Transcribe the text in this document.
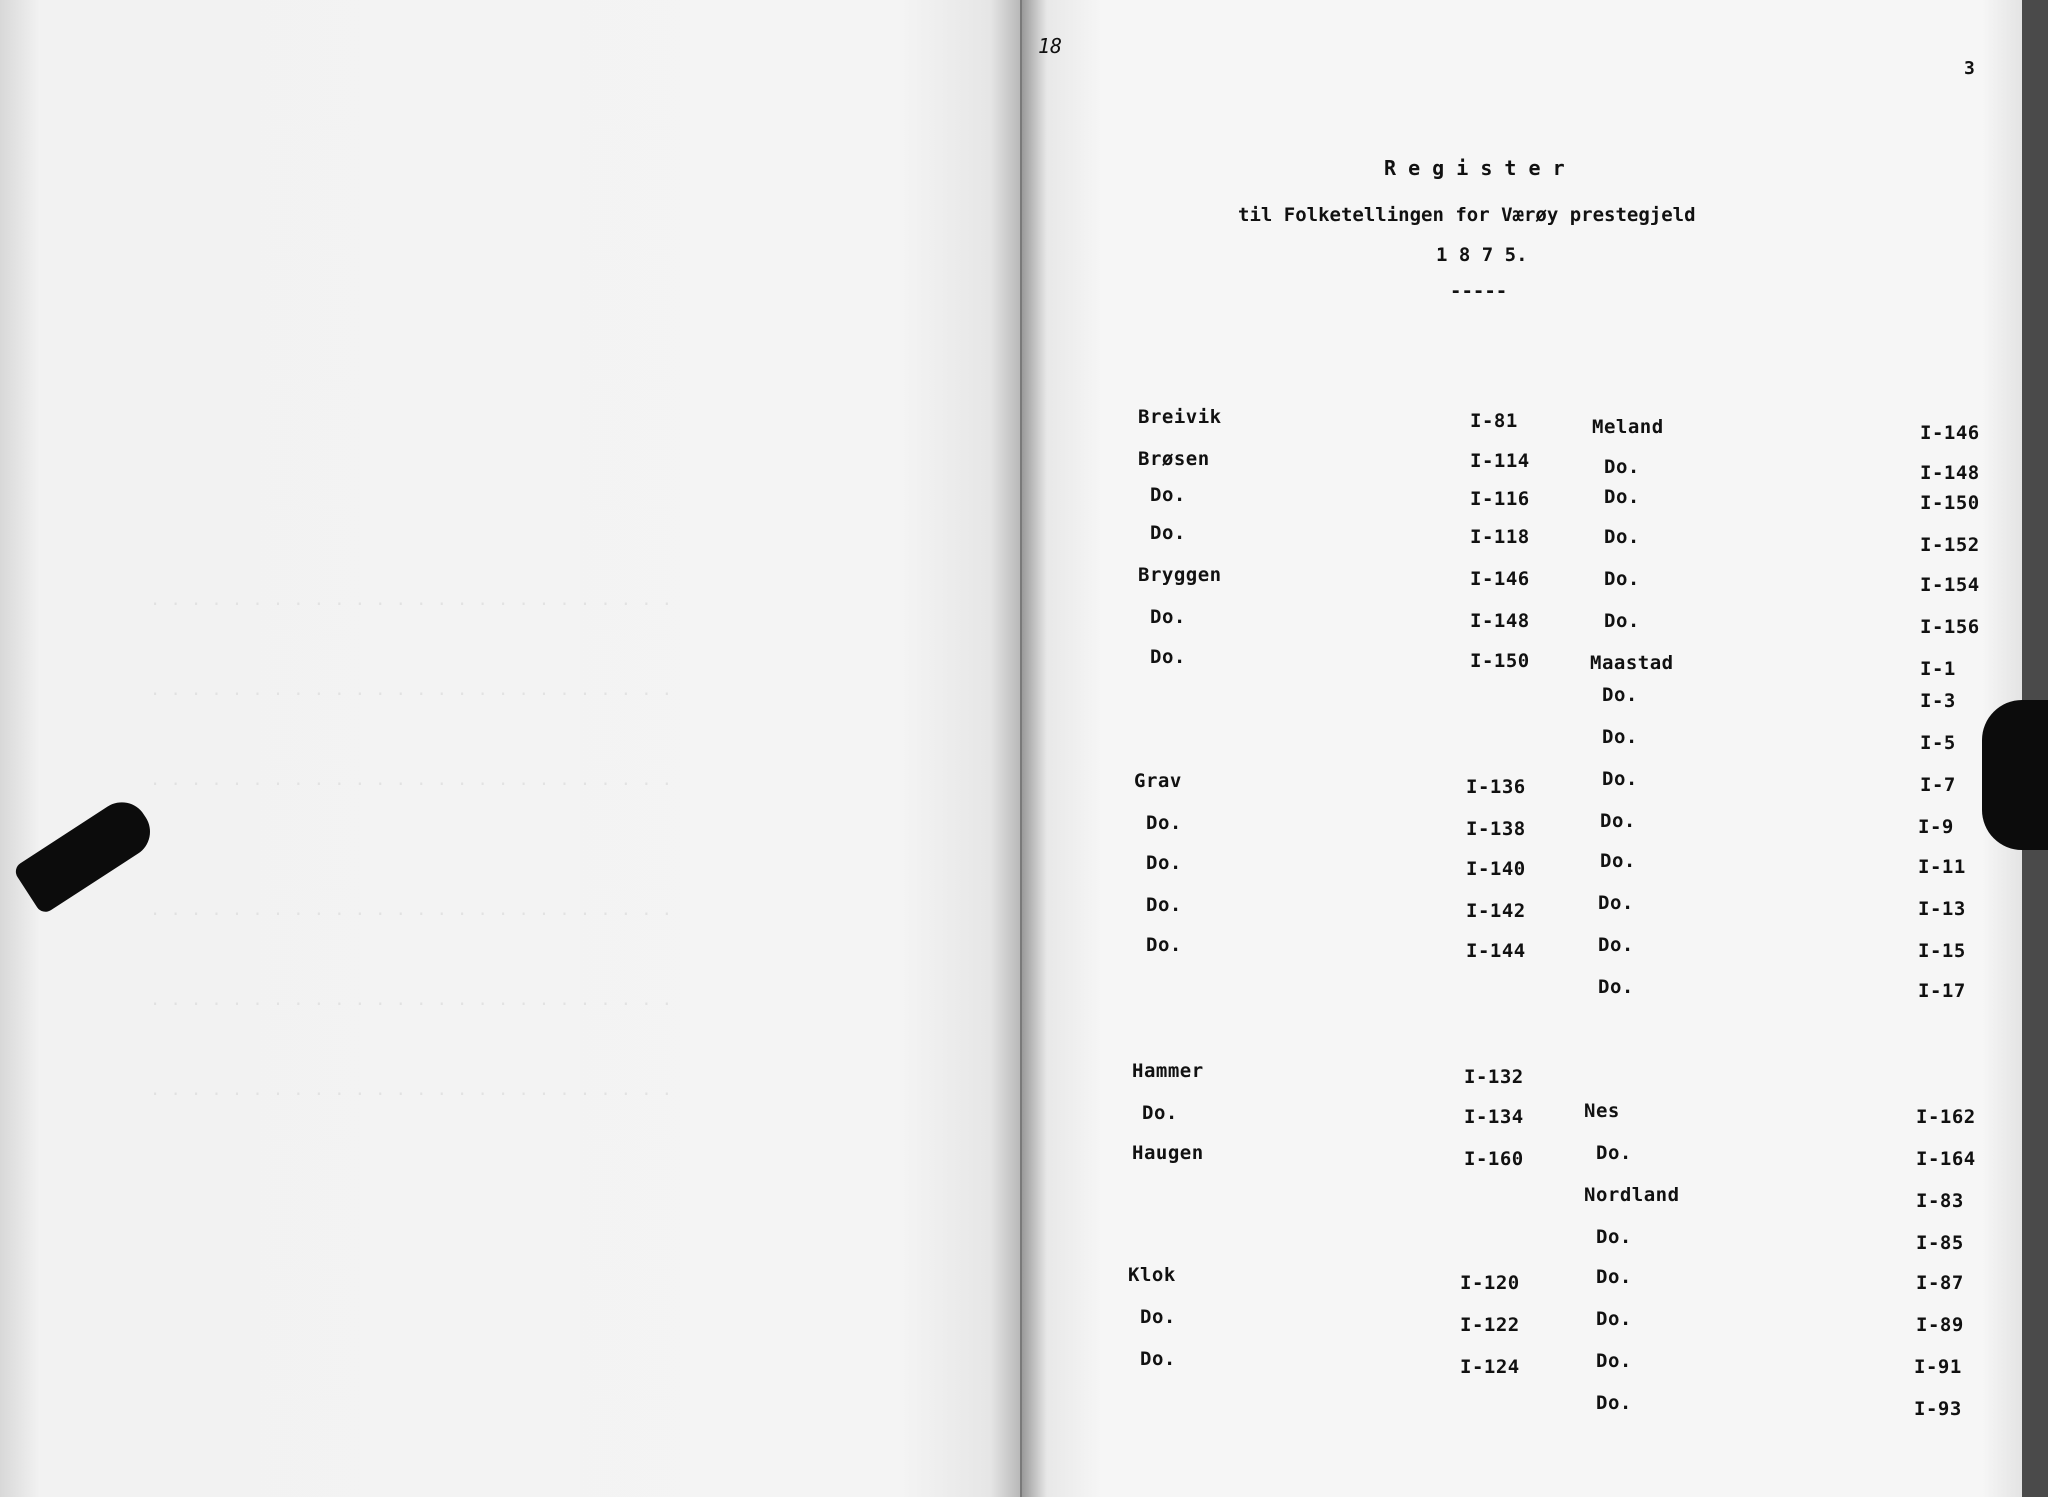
. . . . . . . . . . . . . . . . . . . . . . . . . .
. . . . . . . . . . . . . . . . . . . . . . . . . .
. . . . . . . . . . . . . . . . . . . . . . . . . .
. . . . . . . . . . . . . . . . . . . . . . . . . .
. . . . . . . . . . . . . . . . . . . . . . . . . .
. . . . . . . . . . . . . . . . . . . . . . . . . .
3
18
R e g i s t e r
til Folketellingen for Værøy prestegjeld
1 8 7 5.
-----
Breivik	I-81
Brøsen	I-114
Do.	I-116
Do.	I-118
Bryggen	I-146
Do.	I-148
Do.	I-150
Grav	I-136
Do.	I-138
Do.	I-140
Do.	I-142
Do.	I-144
Hammer	I-132
Do.	I-134
Haugen	I-160
Klok	I-120
Do.	I-122
Do.	I-124
Meland	I-146
Do.	I-148
Do.	I-150
Do.	I-152
Do.	I-154
Do.	I-156
Maastad	I-1
Do.	I-3
Do.	I-5
Do.	I-7
Do.	I-9
Do.	I-11
Do.	I-13
Do.	I-15
Do.	I-17
Nes	I-162
Do.	I-164
Nordland	I-83
Do.	I-85
Do.	I-87
Do.	I-89
Do.	I-91
Do.	I-93
